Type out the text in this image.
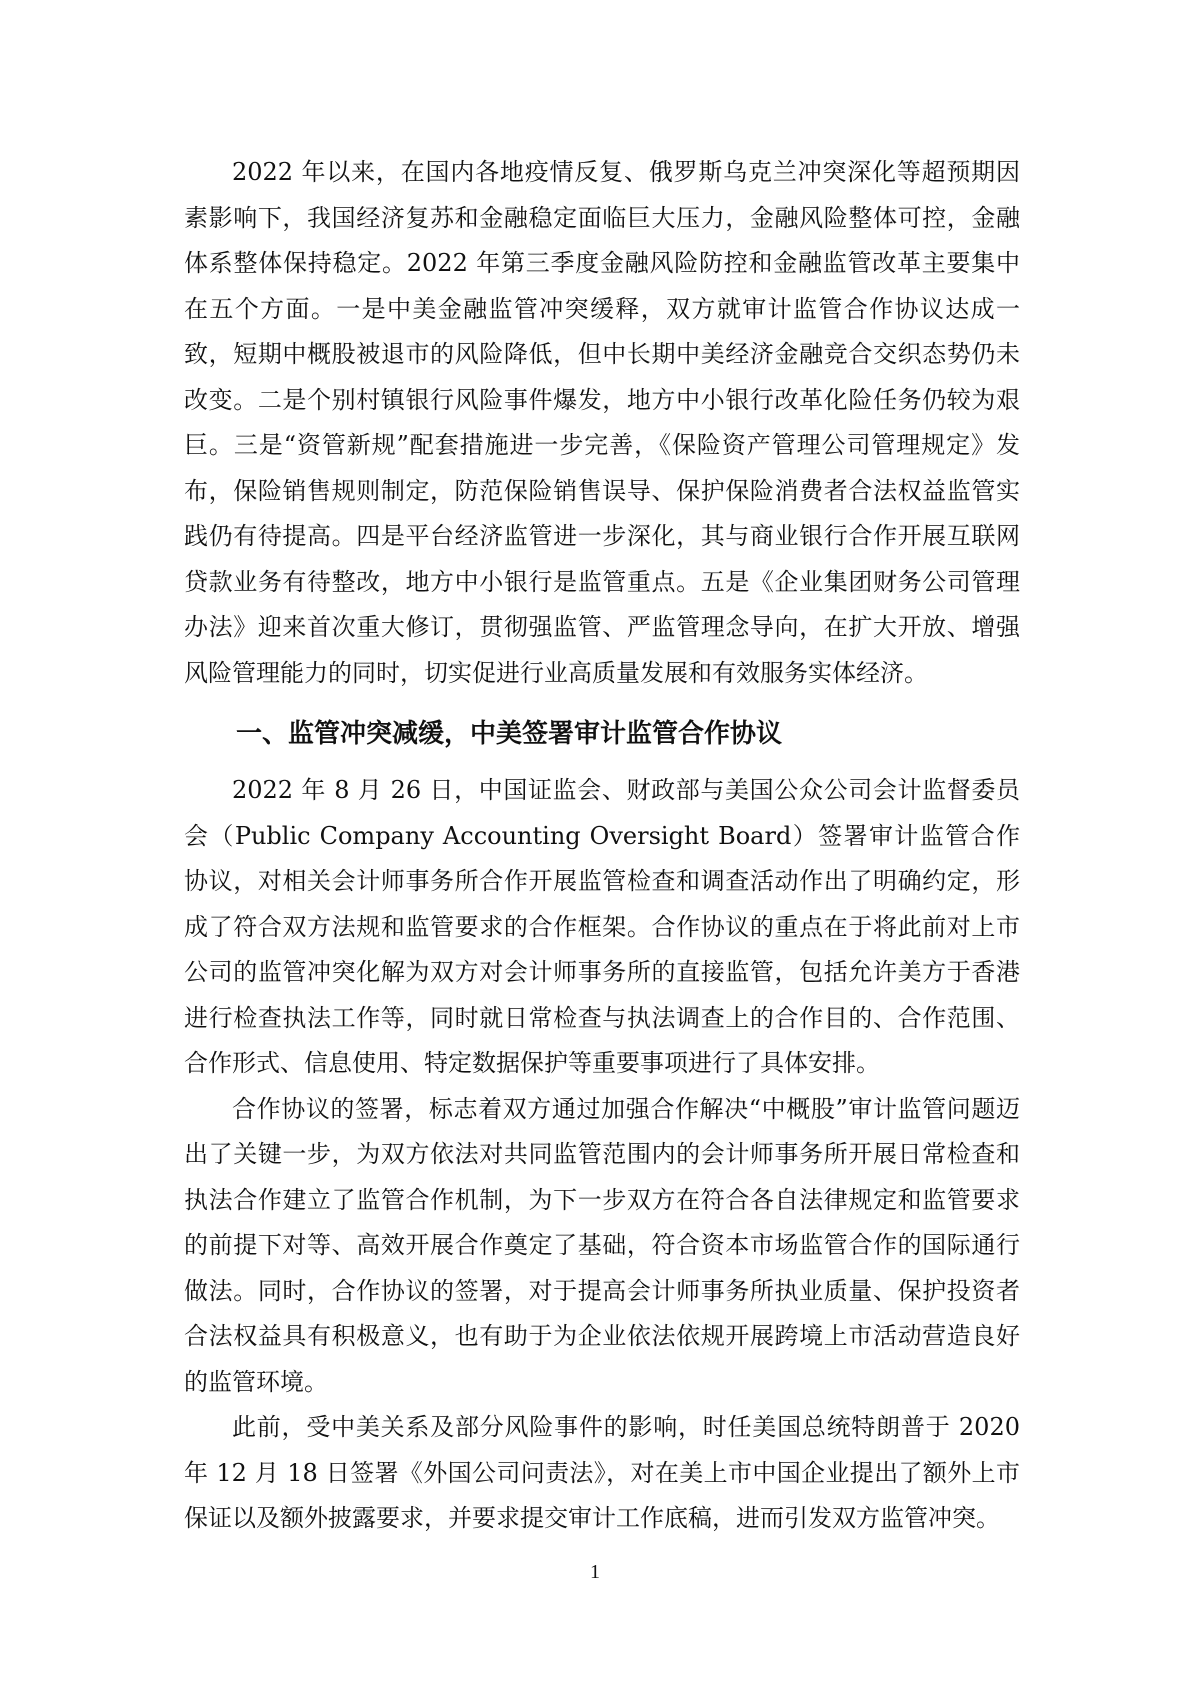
2022 年以来，在国内各地疫情反复、俄罗斯乌克兰冲突深化等超预期因素影响下，我国经济复苏和金融稳定面临巨大压力，金融风险整体可控，金融体系整体保持稳定。2022 年第三季度金融风险防控和金融监管改革主要集中在五个方面。一是中美金融监管冲突缓释，双方就审计监管合作协议达成一致，短期中概股被退市的风险降低，但中长期中美经济金融竞合交织态势仍未改变。二是个别村镇银行风险事件爆发，地方中小银行改革化险任务仍较为艰巨。三是“资管新规”配套措施进一步完善，《保险资产管理公司管理规定》发布，保险销售规则制定，防范保险销售误导、保护保险消费者合法权益监管实践仍有待提高。四是平台经济监管进一步深化，其与商业银行合作开展互联网贷款业务有待整改，地方中小银行是监管重点。五是《企业集团财务公司管理办法》迎来首次重大修订，贯彻强监管、严监管理念导向，在扩大开放、增强风险管理能力的同时，切实促进行业高质量发展和有效服务实体经济。

一、监管冲突减缓，中美签署审计监管合作协议

2022 年 8 月 26 日，中国证监会、财政部与美国公众公司会计监督委员会（Public Company Accounting Oversight Board）签署审计监管合作协议，对相关会计师事务所合作开展监管检查和调查活动作出了明确约定，形成了符合双方法规和监管要求的合作框架。合作协议的重点在于将此前对上市公司的监管冲突化解为双方对会计师事务所的直接监管，包括允许美方于香港进行检查执法工作等，同时就日常检查与执法调查上的合作目的、合作范围、合作形式、信息使用、特定数据保护等重要事项进行了具体安排。

合作协议的签署，标志着双方通过加强合作解决“中概股”审计监管问题迈出了关键一步，为双方依法对共同监管范围内的会计师事务所开展日常检查和执法合作建立了监管合作机制，为下一步双方在符合各自法律规定和监管要求的前提下对等、高效开展合作奠定了基础，符合资本市场监管合作的国际通行做法。同时，合作协议的签署，对于提高会计师事务所执业质量、保护投资者合法权益具有积极意义，也有助于为企业依法依规开展跨境上市活动营造良好的监管环境。

此前，受中美关系及部分风险事件的影响，时任美国总统特朗普于 2020 年 12 月 18 日签署《外国公司问责法》，对在美上市中国企业提出了额外上市保证以及额外披露要求，并要求提交审计工作底稿，进而引发双方监管冲突。

1
